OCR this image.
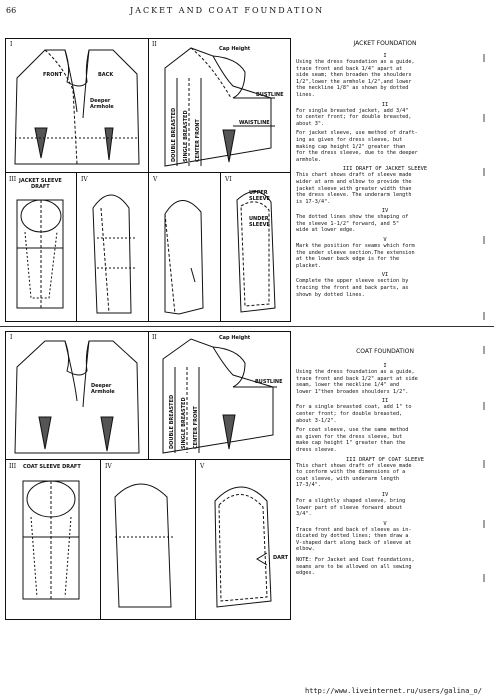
66	JACKET AND COAT FOUNDATION
I	II
III	IV	V	VI
FRONT	BACK
Deeper
Armhole
Cap Height
BUSTLINE
WAISTLINE
DOUBLE BREASTED SINGLE BREASTED CENTER FRONT
JACKET SLEEVE
DRAFT
UPPER
SLEEVE
UNDER
SLEEVE
JACKET FOUNDATION
I
Using the dress foundation as a guide,
trace front and back 1/4" apart at
side seam; then broaden the shoulders
1/2",lower the armhole 1/2",and lower
the neckline 1/8" as shown by dotted
lines.
II
For single breasted jacket, add 3/4"
to center front; for double breasted,
about 3".
For jacket sleeve, use method of draft-
ing as given for dress sleeve, but
making cap height 1/2" greater than
for the dress sleeve, due to the deeper
armhole.
III DRAFT OF JACKET SLEEVE
This chart shows draft of sleeve made
wider at arm and elbow to provide the
jacket sleeve with greater width than
the dress sleeve. The underarm length
is 17-3/4".
IV
The dotted lines show the shaping of
the sleeve 1-1/2" forward, and 5"
wide at lower edge.
V
Mark the position for seams which form
the under sleeve section.The extension
at the lower back edge is for the
placket.
VI
Complete the upper sleeve section by
tracing the front and back parts, as
shown by dotted lines.
I	II
III	IV	V
Deeper
Armhole
Cap Height
BUSTLINE
DOUBLE BREASTED SINGLE BREASTED CENTER FRONT
COAT SLEEVE DRAFT
DART
COAT FOUNDATION
I
Using the dress foundation as a guide,
trace front and back 1/2" apart at side
seam, lower the neckline 1/4" and
lower 1"then broaden shoulders 1/2".
II
For a single breasted coat, add 1" to
center front; for double breasted,
about 3-1/2".
For coat sleeve, use the same method
as given for the dress sleeve, but
make cap height 1" greater than the
dress sleeve.
III DRAFT OF COAT SLEEVE
This chart shows draft of sleeve made
to conform with the dimensions of a
coat sleeve, with underarm length
17-3/4".
IV
For a slightly shaped sleeve, bring
lower part of sleeve forward about
3/4".
V
Trace front and back of sleeve as in-
dicated by dotted lines; then draw a
V-shaped dart along back of sleeve at
elbow.
NOTE: For Jacket and Coat foundations,
seams are to be allowed on all sewing
edges.
http://www.liveinternet.ru/users/galina_o/
